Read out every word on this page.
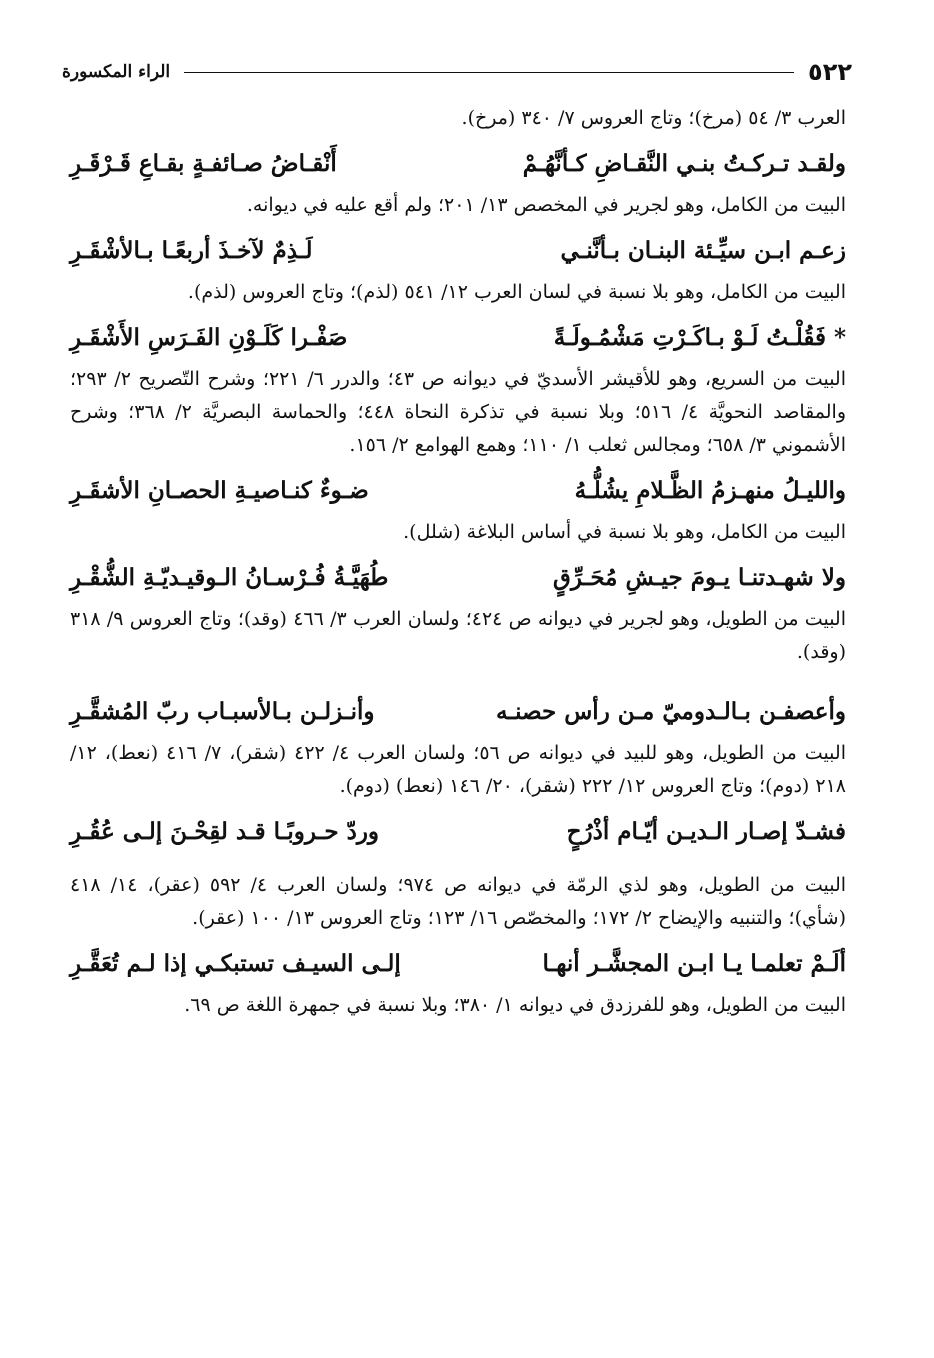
٥٢٢
الراء المكسورة

العرب ٣/ ٥٤ (مرخ)؛ وتاج العروس ٧/ ٣٤٠ (مرخ).

ولقـد تـركـتُ بنـي النَّقـاضِ كـأنَّهُـمْ
أَنْقـاضُ صـائفـةٍ بقـاعِ قَـرْقَـرِ

البيت من الكامل، وهو لجرير في المخصص ١٣/ ٢٠١؛ ولم أقع عليه في ديوانه.

زعـم ابـن سيِّـئة البنـان بـأنَّنـي
لَـذِمٌ لآخـذَ أربعًـا بـالأشْقَـرِ

البيت من الكامل، وهو بلا نسبة في لسان العرب ١٢/ ٥٤١ (لذم)؛ وتاج العروس (لذم).

* فَقُلْـتُ لَـوْ بـاكَـرْتِ مَشْمُـولَـةً
صَفْـرا كَلَـوْنِ الفَـرَسِ الأَشْقَـرِ

البيت من السريع، وهو للأقيشر الأسديّ في ديوانه ص ٤٣؛ والدرر ٦/ ٢٢١؛ وشرح التّصريح ٢/ ٢٩٣؛ والمقاصد النحويَّة ٤/ ٥١٦؛ وبلا نسبة في تذكرة النحاة ٤٤٨؛ والحماسة البصريَّة ٢/ ٣٦٨؛ وشرح الأشموني ٣/ ٦٥٨؛ ومجالس ثعلب ١/ ١١٠؛ وهمع الهوامع ٢/ ١٥٦.

والليـلُ منهـزمُ الظَّـلامِ يشُلُّـهُ
ضـوءٌ كنـاصيـةِ الحصـانِ الأشقَـرِ

البيت من الكامل، وهو بلا نسبة في أساس البلاغة (شلل).

ولا شهـدتنـا يـومَ جيـشِ مُحَـرِّقٍ
طُهَيَّـةُ فُـرْسـانُ الـوقيـديّـةِ الشُّقْـرِ

البيت من الطويل، وهو لجرير في ديوانه ص ٤٢٤؛ ولسان العرب ٣/ ٤٦٦ (وقد)؛ وتاج العروس ٩/ ٣١٨ (وقد).

وأعصفـن بـالـدوميّ مـن رأس حصنـه
وأنـزلـن بـالأسبـاب ربّ المُشقَّـرِ

البيت من الطويل، وهو للبيد في ديوانه ص ٥٦؛ ولسان العرب ٤/ ٤٢٢ (شقر)، ٧/ ٤١٦ (نعط)، ١٢/ ٢١٨ (دوم)؛ وتاج العروس ١٢/ ٢٢٢ (شقر)، ٢٠/ ١٤٦ (نعط) (دوم).

فشـدّ إصـار الـديـن أيّـام أذْرُحٍ
وردّ حـروبًـا قـد لقِحْـنَ إلـى عُقُـرِ

البيت من الطويل، وهو لذي الرمّة في ديوانه ص ٩٧٤؛ ولسان العرب ٤/ ٥٩٢ (عقر)، ١٤/ ٤١٨ (شأي)؛ والتنبيه والإيضاح ٢/ ١٧٢؛ والمخصّص ١٦/ ١٢٣؛ وتاج العروس ١٣/ ١٠٠ (عقر).

ألَـمْ تعلمـا يـا ابـن المجشَّـر أنهـا
إلـى السيـف تستبكـي إذا لـم تُعَقَّـرِ

البيت من الطويل، وهو للفرزدق في ديوانه ١/ ٣٨٠؛ وبلا نسبة في جمهرة اللغة ص ٦٩.
